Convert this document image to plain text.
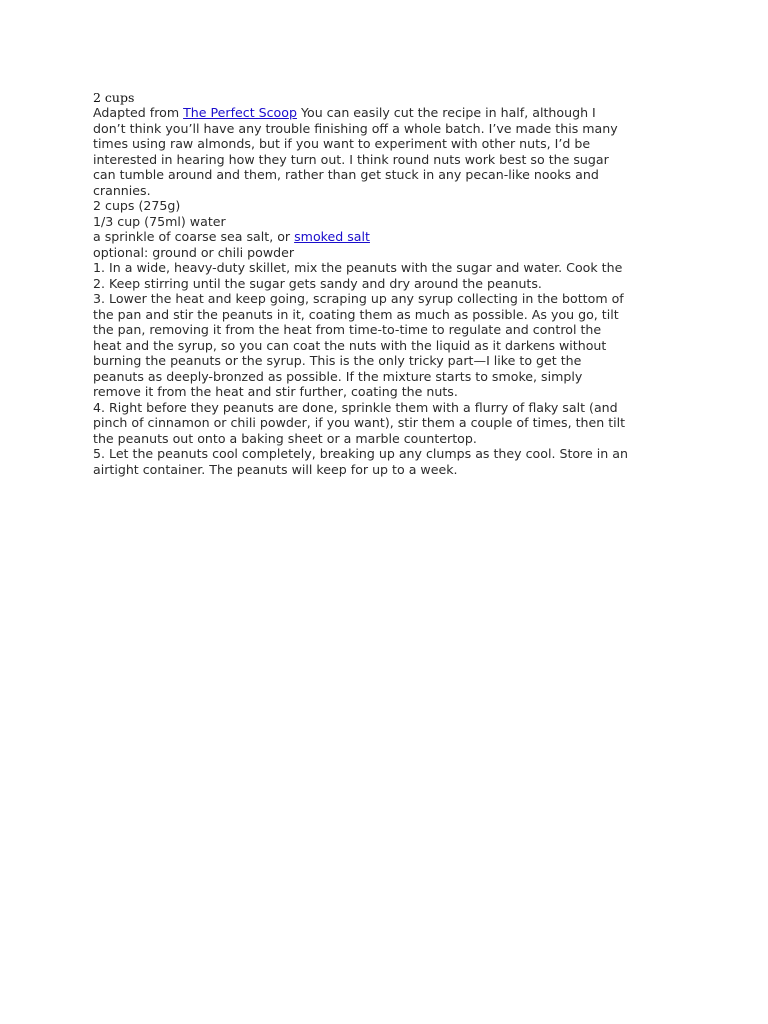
2 cups

Adapted from The Perfect Scoop You can easily cut the recipe in half, although I
don’t think you’ll have any trouble finishing off a whole batch. I’ve made this many
times using raw almonds, but if you want to experiment with other nuts, I’d be
interested in hearing how they turn out. I think round nuts work best so the sugar
can tumble around and them, rather than get stuck in any pecan-like nooks and
crannies.
2 cups (275g)
1/3 cup (75ml) water
a sprinkle of coarse sea salt, or smoked salt
optional: ground or chili powder
1. In a wide, heavy-duty skillet, mix the peanuts with the sugar and water. Cook the
2. Keep stirring until the sugar gets sandy and dry around the peanuts.
3. Lower the heat and keep going, scraping up any syrup collecting in the bottom of
the pan and stir the peanuts in it, coating them as much as possible. As you go, tilt
the pan, removing it from the heat from time-to-time to regulate and control the
heat and the syrup, so you can coat the nuts with the liquid as it darkens without
burning the peanuts or the syrup. This is the only tricky part—I like to get the
peanuts as deeply-bronzed as possible. If the mixture starts to smoke, simply
remove it from the heat and stir further, coating the nuts.
4. Right before they peanuts are done, sprinkle them with a flurry of flaky salt (and
pinch of cinnamon or chili powder, if you want), stir them a couple of times, then tilt
the peanuts out onto a baking sheet or a marble countertop.
5. Let the peanuts cool completely, breaking up any clumps as they cool. Store in an
airtight container. The peanuts will keep for up to a week.
